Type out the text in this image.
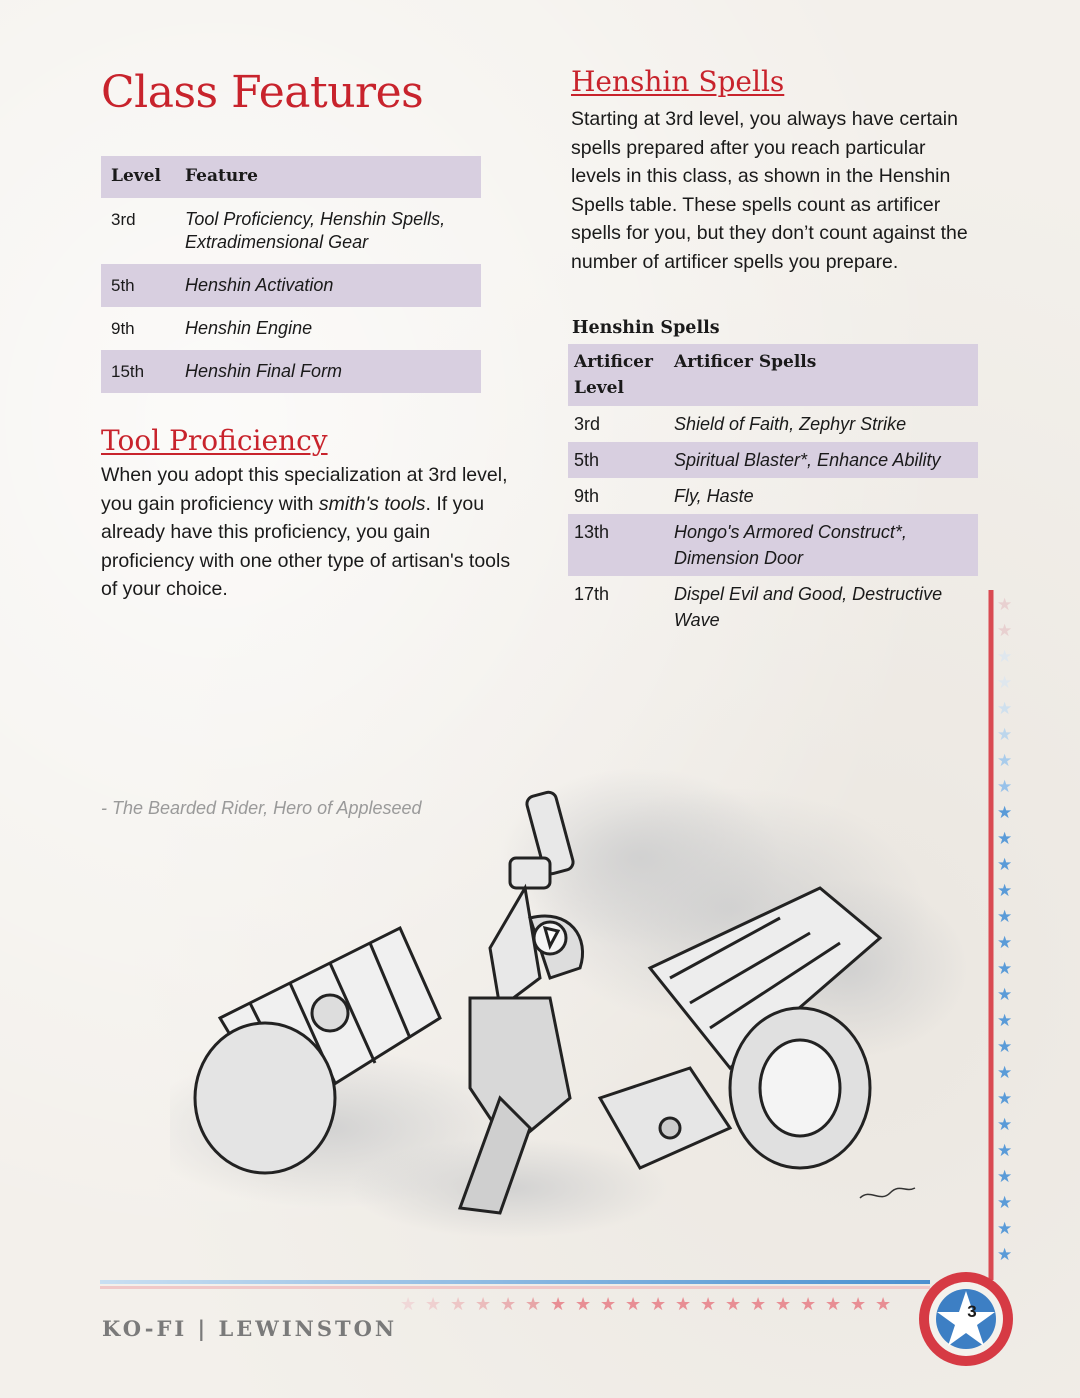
Class Features
Level	Feature
3rd	Tool Proficiency, Henshin Spells, Extradimensional Gear
5th	Henshin Activation
9th	Henshin Engine
15th	Henshin Final Form
Tool Proficiency

When you adopt this specialization at 3rd level, you gain proficiency with smith's tools. If you already have this proficiency, you gain proficiency with one other type of artisan's tools of your choice.

Henshin Spells

Starting at 3rd level, you always have certain spells prepared after you reach particular levels in this class, as shown in the Henshin Spells table. These spells count as artificer spells for you, but they don’t count against the number of artificer spells you prepare.

Henshin Spells
Artificer Level	Artificer Spells
3rd	Shield of Faith, Zephyr Strike
5th	Spiritual Blaster*, Enhance Ability
9th	Fly, Haste
13th	Hongo's Armored Construct*, Dimension Door
17th	Dispel Evil and Good, Destructive Wave
- The Bearded Rider, Hero of Appleseed
★
★
★
★
★
★
★
★
★
★
★
★
★
★
★
★
★
★
★
★
★
★
★
★
★
★
★ ★ ★ ★ ★ ★ ★ ★ ★ ★ ★ ★ ★ ★ ★ ★ ★ ★ ★ ★
KO-FI | LEWINSTON
3
